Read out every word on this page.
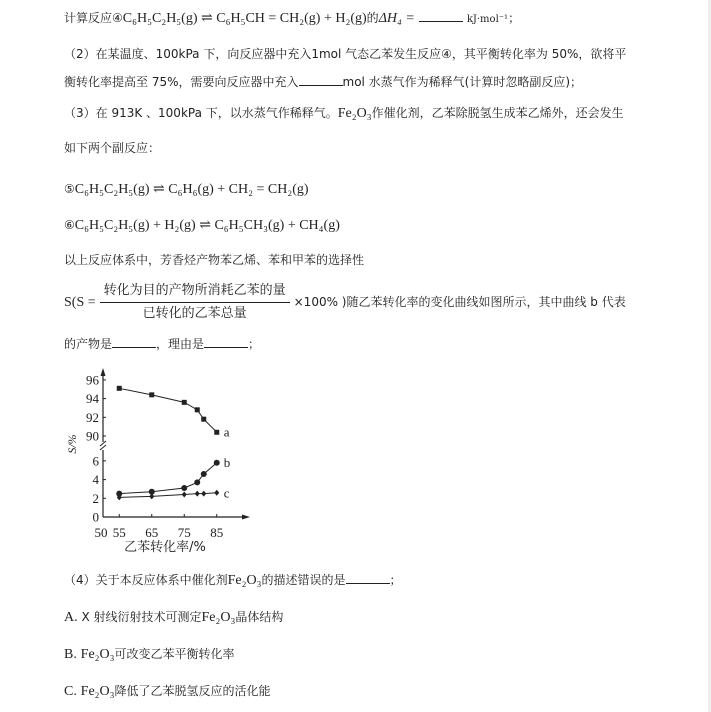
计算反应④C₆H₅C₂H₅(g) ⇌ C₆H₅CH = CH₂(g) + H₂(g)的ΔH₄ =	kJ·mol⁻¹；
（2）在某温度、100kPa 下，向反应器中充入1mol 气态乙苯发生反应④，其平衡转化率为 50%，欲将平
衡转化率提高至 75%，需要向反应器中充入	mol 水蒸气作为稀释气(计算时忽略副反应)；
（3）在 913K 、100kPa 下，以水蒸气作稀释气。Fe₂O₃作催化剂，乙苯除脱氢生成苯乙烯外，还会发生
如下两个副反应：
⑤C₆H₅C₂H₅(g) ⇌ C₆H₆(g) + CH₂ = CH₂(g)
⑥C₆H₅C₂H₅(g) + H₂(g) ⇌ C₆H₅CH₃(g) + CH₄(g)
以上反应体系中，芳香烃产物苯乙烯、苯和甲苯的选择性
$S(S = \frac{\text{转化为目的产物所消耗乙苯的量}}{\text{已转化的乙苯总量}} \times 100\%$ )随乙苯转化率的变化曲线如图所示，其中曲线 b 代表
的产物是	，理由是	；
90
92
94
96
0
2
4
6
50 55 65 75 85
a
b
c
乙苯转化率/%
S/%
（4）关于本反应体系中催化剂Fe₂O₃的描述错误的是	；
A. X 射线衍射技术可测定Fe₂O₃晶体结构
B. Fe₂O₃可改变乙苯平衡转化率
C. Fe₂O₃降低了乙苯脱氢反应的活化能
